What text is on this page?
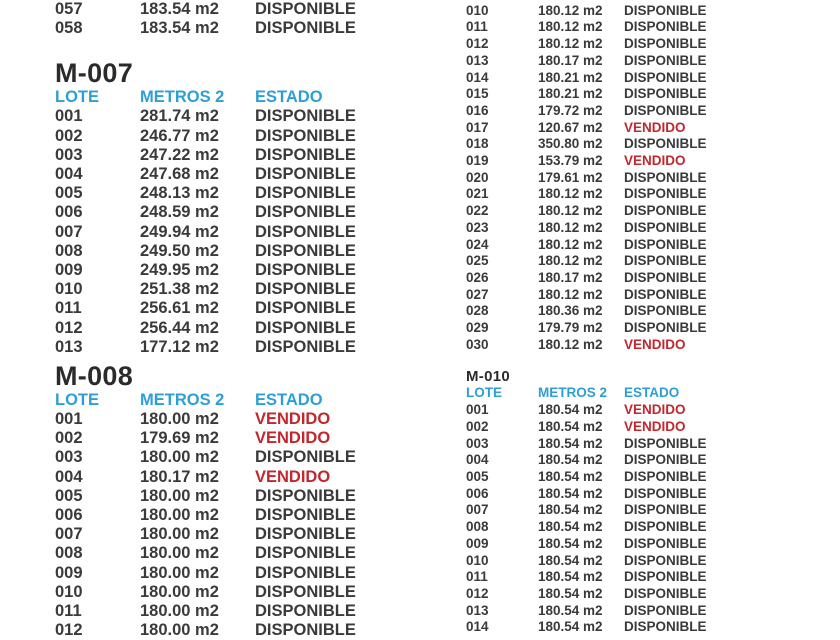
057	183.54 m2	DISPONIBLE
058	183.54 m2	DISPONIBLE
M-007
LOTE	METROS 2	ESTADO
001	281.74 m2	DISPONIBLE
002	246.77 m2	DISPONIBLE
003	247.22 m2	DISPONIBLE
004	247.68 m2	DISPONIBLE
005	248.13 m2	DISPONIBLE
006	248.59 m2	DISPONIBLE
007	249.94 m2	DISPONIBLE
008	249.50 m2	DISPONIBLE
009	249.95 m2	DISPONIBLE
010	251.38 m2	DISPONIBLE
011	256.61 m2	DISPONIBLE
012	256.44 m2	DISPONIBLE
013	177.12 m2	DISPONIBLE
M-008
LOTE	METROS 2	ESTADO
001	180.00 m2	VENDIDO
002	179.69 m2	VENDIDO
003	180.00 m2	DISPONIBLE
004	180.17 m2	VENDIDO
005	180.00 m2	DISPONIBLE
006	180.00 m2	DISPONIBLE
007	180.00 m2	DISPONIBLE
008	180.00 m2	DISPONIBLE
009	180.00 m2	DISPONIBLE
010	180.00 m2	DISPONIBLE
011	180.00 m2	DISPONIBLE
012	180.00 m2	DISPONIBLE
010	180.12 m2	DISPONIBLE
011	180.12 m2	DISPONIBLE
012	180.12 m2	DISPONIBLE
013	180.17 m2	DISPONIBLE
014	180.21 m2	DISPONIBLE
015	180.21 m2	DISPONIBLE
016	179.72 m2	DISPONIBLE
017	120.67 m2	VENDIDO
018	350.80 m2	DISPONIBLE
019	153.79 m2	VENDIDO
020	179.61 m2	DISPONIBLE
021	180.12 m2	DISPONIBLE
022	180.12 m2	DISPONIBLE
023	180.12 m2	DISPONIBLE
024	180.12 m2	DISPONIBLE
025	180.12 m2	DISPONIBLE
026	180.17 m2	DISPONIBLE
027	180.12 m2	DISPONIBLE
028	180.36 m2	DISPONIBLE
029	179.79 m2	DISPONIBLE
030	180.12 m2	VENDIDO
M-010
LOTE	METROS 2	ESTADO
001	180.54 m2	VENDIDO
002	180.54 m2	VENDIDO
003	180.54 m2	DISPONIBLE
004	180.54 m2	DISPONIBLE
005	180.54 m2	DISPONIBLE
006	180.54 m2	DISPONIBLE
007	180.54 m2	DISPONIBLE
008	180.54 m2	DISPONIBLE
009	180.54 m2	DISPONIBLE
010	180.54 m2	DISPONIBLE
011	180.54 m2	DISPONIBLE
012	180.54 m2	DISPONIBLE
013	180.54 m2	DISPONIBLE
014	180.54 m2	DISPONIBLE
